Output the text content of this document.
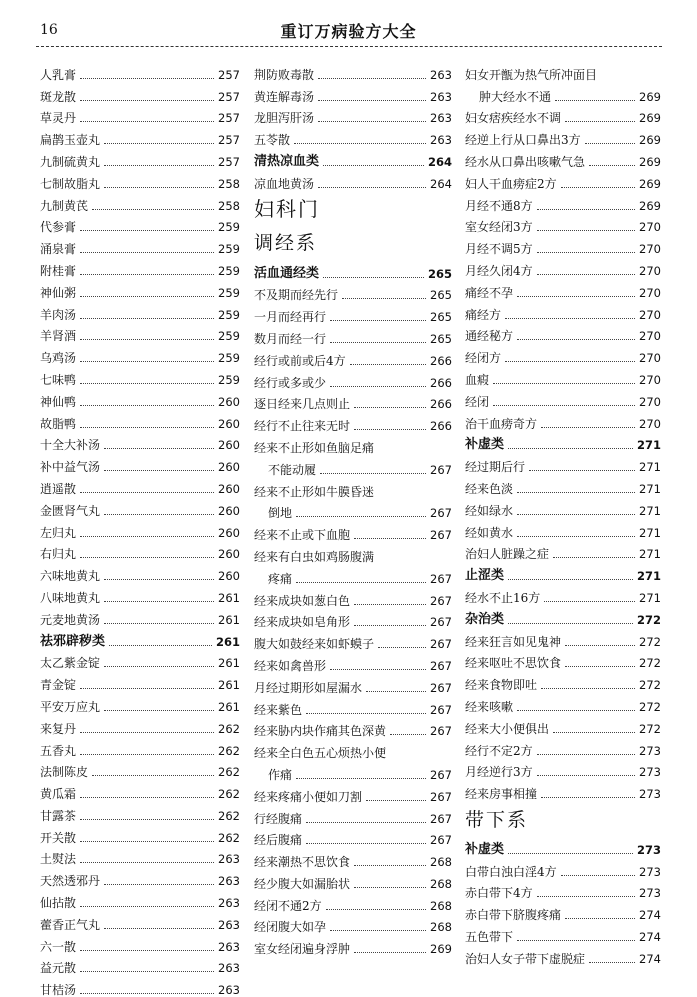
16	重订万病验方大全
人乳膏	257
斑龙散	257
草灵丹	257
扁鹊玉壶丸	257
九制硫黄丸	257
七制故脂丸	258
九制黄芪	258
代参膏	259
涌泉膏	259
附桂膏	259
神仙粥	259
羊肉汤	259
羊肾酒	259
乌鸡汤	259
七味鸭	259
神仙鸭	260
故脂鸭	260
十全大补汤	260
补中益气汤	260
逍遥散	260
金匮肾气丸	260
左归丸	260
右归丸	260
六味地黄丸	260
八味地黄丸	261
元麦地黄汤	261
祛邪辟秽类	261
太乙紫金锭	261
青金锭	261
平安万应丸	261
来复丹	262
五香丸	262
法制陈皮	262
黄瓜霜	262
甘露茶	262
开关散	262
土熨法	263
天然透邪丹	263
仙拈散	263
藿香正气丸	263
六一散	263
益元散	263
甘桔汤	263
荆防败毒散	263
黄连解毒汤	263
龙胆泻肝汤	263
五苓散	263
清热凉血类	264
凉血地黄汤	264
妇科门
调经系
活血通经类	265
不及期而经先行	265
一月而经再行	265
数月而经一行	265
经行或前或后4方	266
经行或多或少	266
逐日经来几点则止	266
经行不止往来无时	266
经来不止形如鱼脑足痛
不能动履	267
经来不止形如牛膜昏迷
倒地	267
经来不止或下血胞	267
经来有白虫如鸡肠腹满
疼痛	267
经来成块如葱白色	267
经来成块如皂角形	267
腹大如鼓经来如虾蟆子	267
经来如禽兽形	267
月经过期形如屋漏水	267
经来紫色	267
经来胁内块作痛其色深黄	267
经来全白色五心烦热小便
作痛	267
经来疼痛小便如刀割	267
行经腹痛	267
经后腹痛	267
经来潮热不思饮食	268
经少腹大如漏胎状	268
经闭不通2方	268
经闭腹大如孕	268
室女经闭遍身浮肿	269
妇女开甑为热气所冲面目
肿大经水不通	269
妇女痞疾经水不调	269
经逆上行从口鼻出3方	269
经水从口鼻出咳嗽气急	269
妇人干血痨症2方	269
月经不通8方	269
室女经闭3方	270
月经不调5方	270
月经久闭4方	270
痛经不孕	270
痛经方	270
通经秘方	270
经闭方	270
血瘕	270
经闭	270
治干血痨奇方	270
补虚类	271
经过期后行	271
经来色淡	271
经如绿水	271
经如黄水	271
治妇人脏躁之症	271
止涩类	271
经水不止16方	271
杂治类	272
经来狂言如见鬼神	272
经来呕吐不思饮食	272
经来食物即吐	272
经来咳嗽	272
经来大小便俱出	272
经行不定2方	273
月经逆行3方	273
经来房事相撞	273
带下系
补虚类	273
白带白浊白淫4方	273
赤白带下4方	273
赤白带下脐腹疼痛	274
五色带下	274
治妇人女子带下虚脱症	274
